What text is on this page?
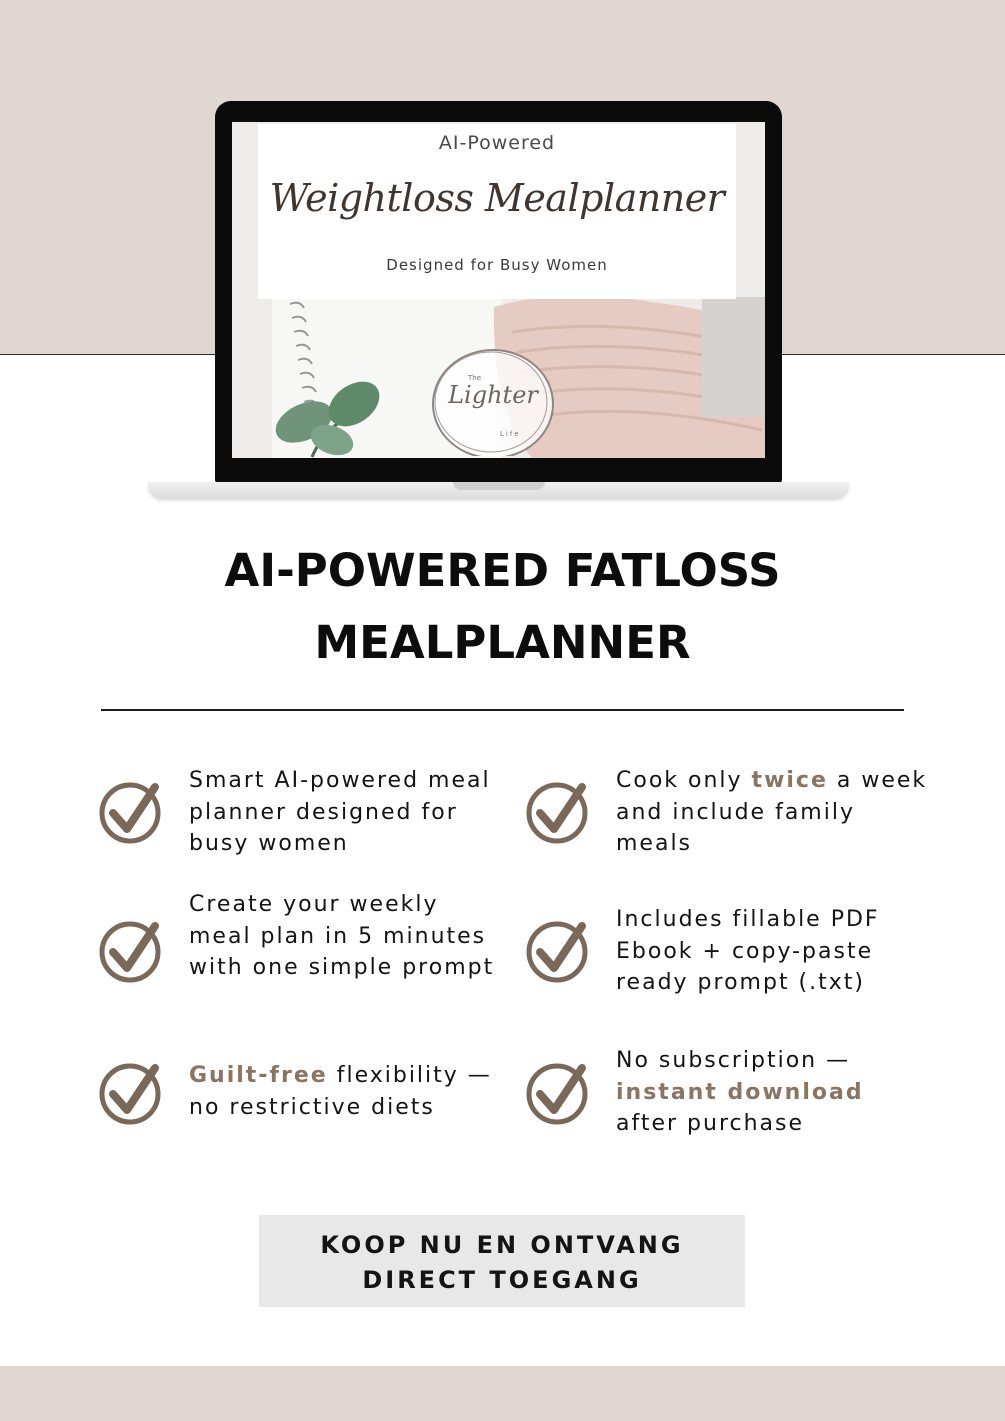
AI-Powered
Weightloss Mealplanner
Designed for Busy Women
The
Life
Lighter
AI-POWERED FATLOSS
MEALPLANNER
Smart AI-powered meal planner designed for busy women
Cook only twice a week and include family meals
Create your weekly meal plan in 5 minutes with one simple prompt
Includes fillable PDF Ebook + copy-paste ready prompt (.txt)
Guilt-free flexibility — no restrictive diets
No subscription — instant download after purchase
KOOP NU EN ONTVANG
DIRECT TOEGANG
